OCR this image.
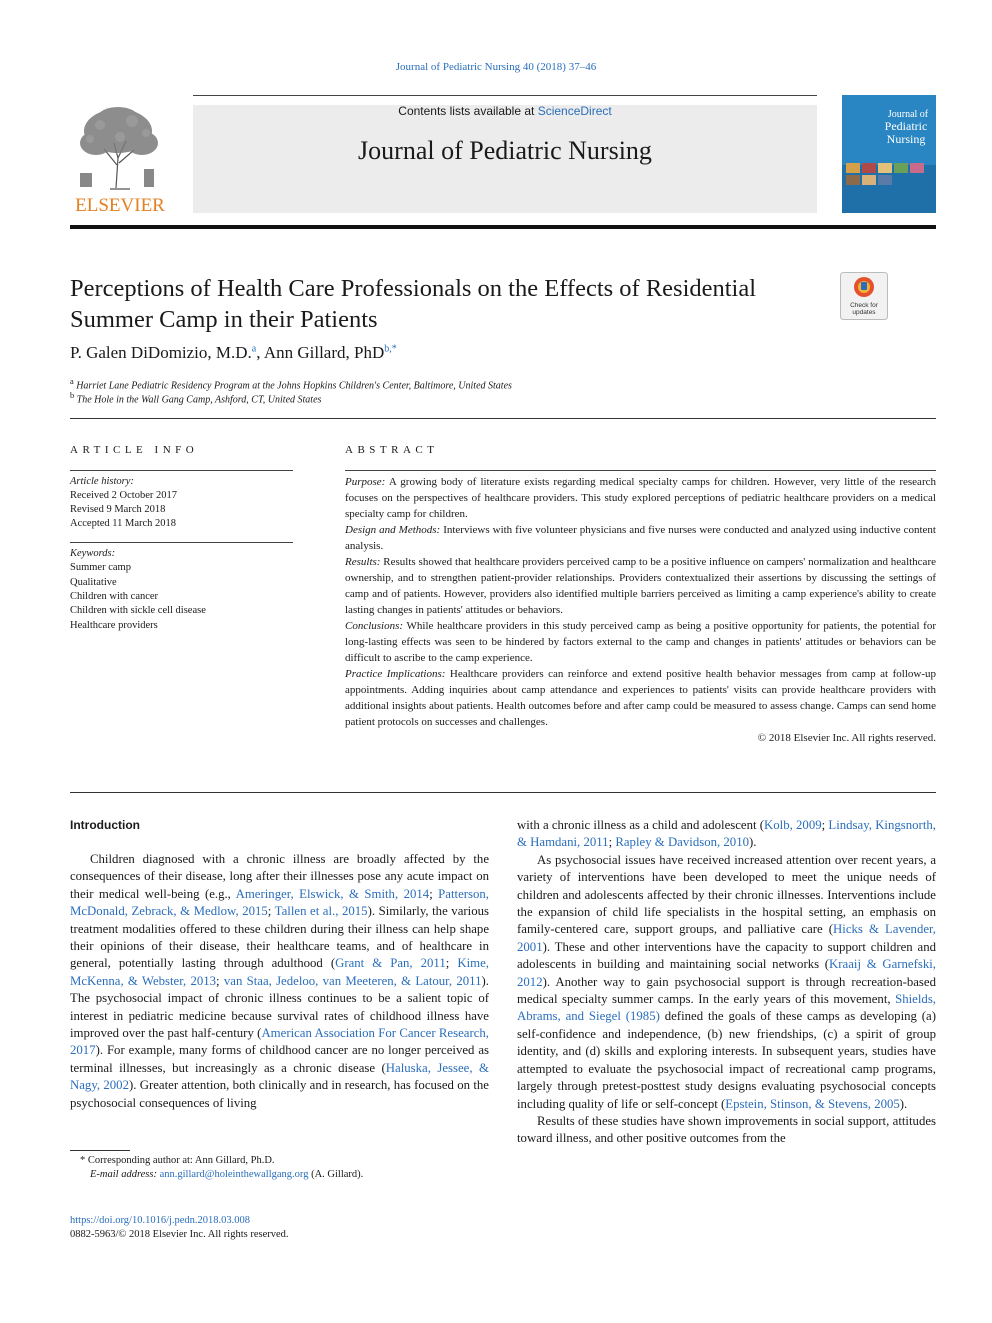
Journal of Pediatric Nursing 40 (2018) 37–46
Contents lists available at ScienceDirect
Journal of Pediatric Nursing
ELSEVIER
Journal of
Pediatric
Nursing
Perceptions of Health Care Professionals on the Effects of Residential Summer Camp in their Patients
Check for
updates
P. Galen DiDomizio, M.D.$^a$, Ann Gillard, PhD$^{b,*}$
$^a$ Harriet Lane Pediatric Residency Program at the Johns Hopkins Children's Center, Baltimore, United States
$^b$ The Hole in the Wall Gang Camp, Ashford, CT, United States
ARTICLE INFO
Article history:
Received 2 October 2017
Revised 9 March 2018
Accepted 11 March 2018
Keywords:
Summer camp
Qualitative
Children with cancer
Children with sickle cell disease
Healthcare providers
ABSTRACT

Purpose: A growing body of literature exists regarding medical specialty camps for children. However, very little of the research focuses on the perspectives of healthcare providers. This study explored perceptions of pediatric healthcare providers on a medical specialty camp for children.

Design and Methods: Interviews with five volunteer physicians and five nurses were conducted and analyzed using inductive content analysis.

Results: Results showed that healthcare providers perceived camp to be a positive influence on campers' normalization and healthcare ownership, and to strengthen patient-provider relationships. Providers contextualized their assertions by discussing the settings of camp and of patients. However, providers also identified multiple barriers perceived as limiting a camp experience's ability to create lasting changes in patients' attitudes or behaviors.

Conclusions: While healthcare providers in this study perceived camp as being a positive opportunity for patients, the potential for long-lasting effects was seen to be hindered by factors external to the camp and changes in patients' attitudes or behaviors can be difficult to ascribe to the camp experience.

Practice Implications: Healthcare providers can reinforce and extend positive health behavior messages from camp at follow-up appointments. Adding inquiries about camp attendance and experiences to patients' visits can provide healthcare providers with additional insights about patients. Health outcomes before and after camp could be measured to assess change. Camps can send home patient protocols on successes and challenges.

© 2018 Elsevier Inc. All rights reserved.

Introduction

Children diagnosed with a chronic illness are broadly affected by the consequences of their disease, long after their illnesses pose any acute impact on their medical well-being (e.g., Ameringer, Elswick, & Smith, 2014; Patterson, McDonald, Zebrack, & Medlow, 2015; Tallen et al., 2015). Similarly, the various treatment modalities offered to these children during their illness can help shape their opinions of their disease, their healthcare teams, and of healthcare in general, potentially lasting through adulthood (Grant & Pan, 2011; Kime, McKenna, & Webster, 2013; van Staa, Jedeloo, van Meeteren, & Latour, 2011). The psychosocial impact of chronic illness continues to be a salient topic of interest in pediatric medicine because survival rates of childhood illness have improved over the past half-century (American Association For Cancer Research, 2017). For example, many forms of childhood cancer are no longer perceived as terminal illnesses, but increasingly as a chronic disease (Haluska, Jessee, & Nagy, 2002). Greater attention, both clinically and in research, has focused on the psychosocial consequences of living

with a chronic illness as a child and adolescent (Kolb, 2009; Lindsay, Kingsnorth, & Hamdani, 2011; Rapley & Davidson, 2010).

As psychosocial issues have received increased attention over recent years, a variety of interventions have been developed to meet the unique needs of children and adolescents affected by their chronic illnesses. Interventions include the expansion of child life specialists in the hospital setting, an emphasis on family-centered care, support groups, and palliative care (Hicks & Lavender, 2001). These and other interventions have the capacity to support children and adolescents in building and maintaining social networks (Kraaij & Garnefski, 2012). Another way to gain psychosocial support is through recreation-based medical specialty summer camps. In the early years of this movement, Shields, Abrams, and Siegel (1985) defined the goals of these camps as developing (a) self-confidence and independence, (b) new friendships, (c) a spirit of group identity, and (d) skills and exploring interests. In subsequent years, studies have attempted to evaluate the psychosocial impact of recreational camp programs, largely through pretest-posttest study designs evaluating psychosocial concepts including quality of life or self-concept (Epstein, Stinson, & Stevens, 2005).

Results of these studies have shown improvements in social support, attitudes toward illness, and other positive outcomes from the

* Corresponding author at: Ann Gillard, Ph.D.
E-mail address: ann.gillard@holeinthewallgang.org (A. Gillard).
https://doi.org/10.1016/j.pedn.2018.03.008
0882-5963/© 2018 Elsevier Inc. All rights reserved.
